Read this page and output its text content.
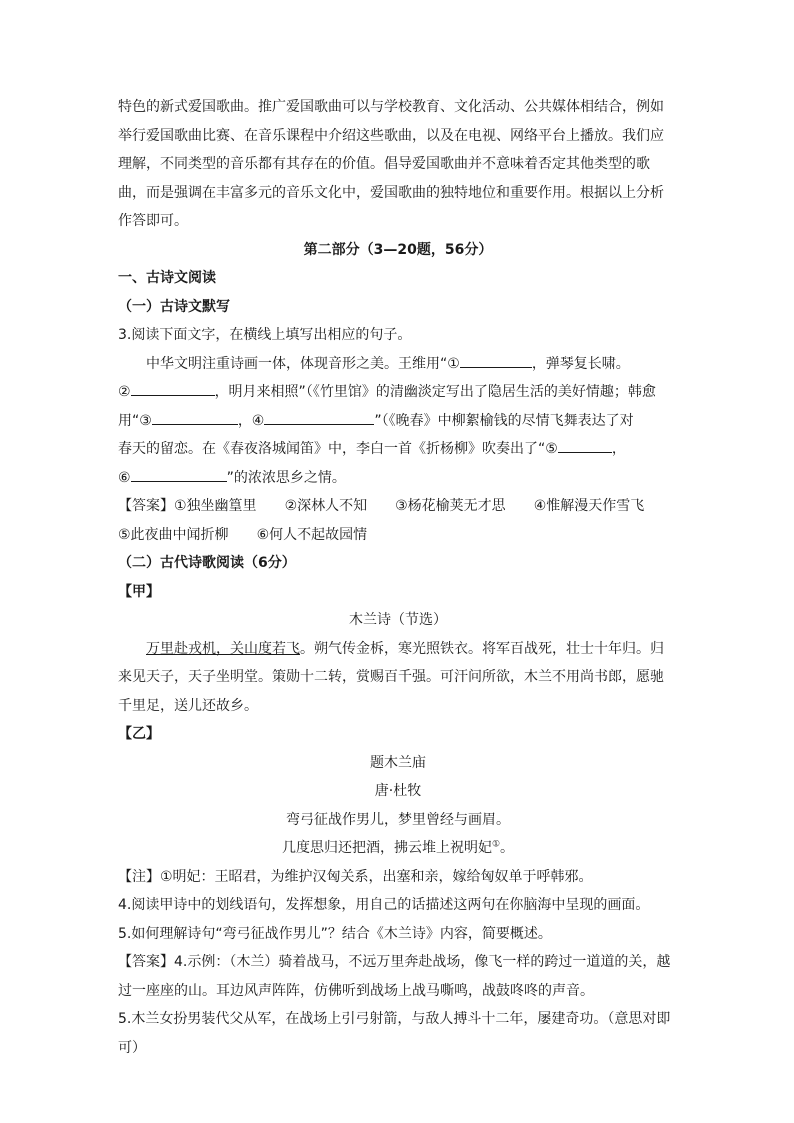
特色的新式爱国歌曲。推广爱国歌曲可以与学校教育、文化活动、公共媒体相结合，例如

举行爱国歌曲比赛、在音乐课程中介绍这些歌曲，以及在电视、网络平台上播放。我们应

理解，不同类型的音乐都有其存在的价值。倡导爱国歌曲并不意味着否定其他类型的歌

曲，而是强调在丰富多元的音乐文化中，爱国歌曲的独特地位和重要作用。根据以上分析

作答即可。

第二部分（3—20题，56分）

一、古诗文阅读

（一）古诗文默写

3.阅读下面文字，在横线上填写出相应的句子。

中华文明注重诗画一体，体现音形之美。王维用“①	，弹琴复长啸。

②	，明月来相照”（《竹里馆》的清幽淡定写出了隐居生活的美好情趣；韩愈

用“③	，④	”（《晚春》中柳絮榆钱的尽情飞舞表达了对

春天的留恋。在《春夜洛城闻笛》中，李白一首《折杨柳》吹奏出了“⑤	，

⑥	”的浓浓思乡之情。

【答案】①独坐幽篁里 ②深林人不知 ③杨花榆荚无才思 ④惟解漫天作雪飞

⑤此夜曲中闻折柳 ⑥何人不起故园情

（二）古代诗歌阅读（6分）

【甲】

木兰诗（节选）

万里赴戎机，关山度若飞。朔气传金柝，寒光照铁衣。将军百战死，壮士十年归。归

来见天子，天子坐明堂。策勋十二转，赏赐百千强。可汗问所欲，木兰不用尚书郎，愿驰

千里足，送儿还故乡。

【乙】

题木兰庙

唐·杜牧

弯弓征战作男儿，梦里曾经与画眉。

几度思归还把酒，拂云堆上祝明妃①。

【注】①明妃：王昭君，为维护汉匈关系，出塞和亲，嫁给匈奴单于呼韩邪。

4.阅读甲诗中的划线语句，发挥想象，用自己的话描述这两句在你脑海中呈现的画面。

5.如何理解诗句“弯弓征战作男儿”？结合《木兰诗》内容，简要概述。

【答案】4.示例：（木兰）骑着战马，不远万里奔赴战场，像飞一样的跨过一道道的关，越

过一座座的山。耳边风声阵阵，仿佛听到战场上战马嘶鸣，战鼓咚咚的声音。

5.木兰女扮男装代父从军，在战场上引弓射箭，与敌人搏斗十二年，屡建奇功。（意思对即

可）
